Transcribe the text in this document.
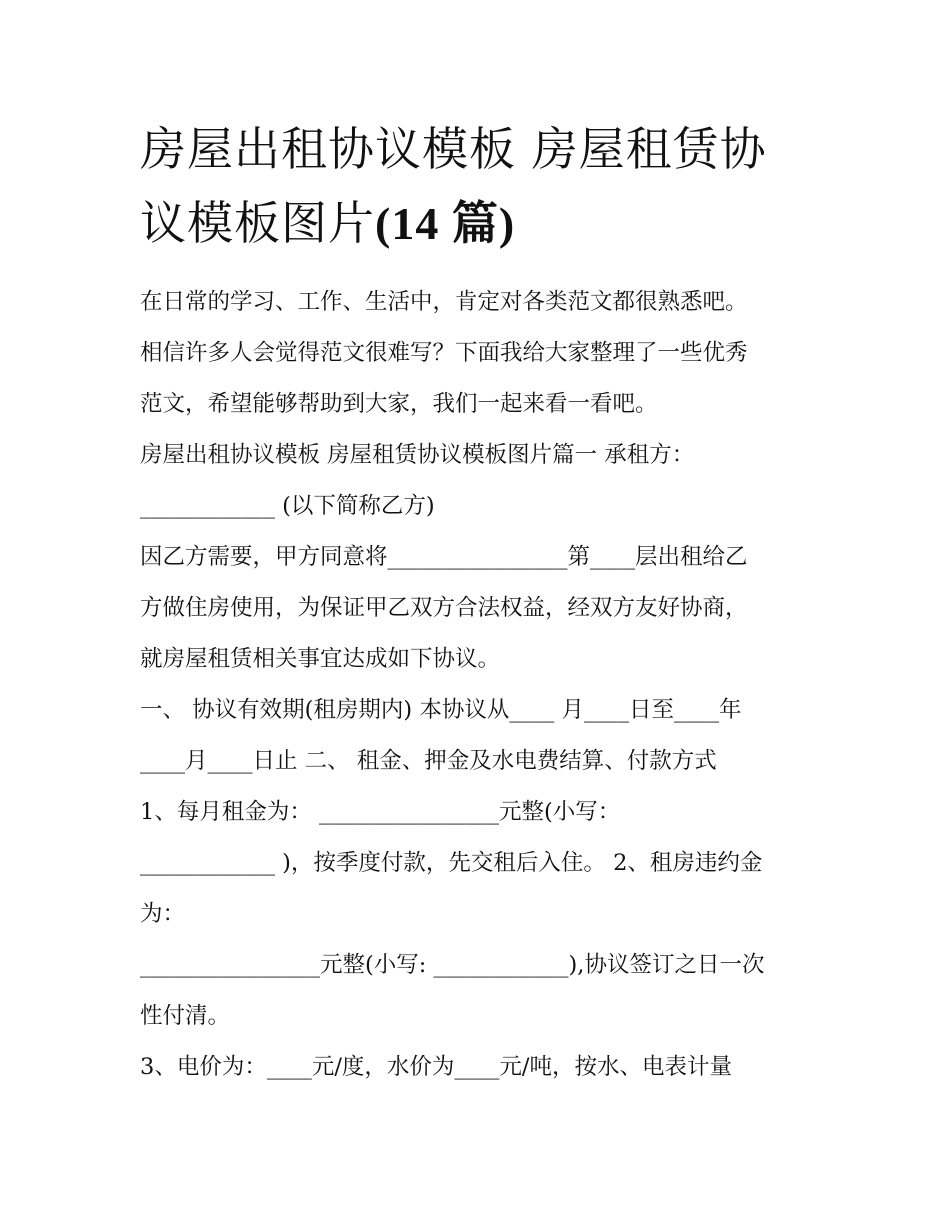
房屋出租协议模板 房屋租赁协
议模板图片(14 篇)
在日常的学习、工作、生活中，肯定对各类范文都很熟悉吧。
相信许多人会觉得范文很难写？下面我给大家整理了一些优秀
范文，希望能够帮助到大家，我们一起来看一看吧。
房屋出租协议模板 房屋租赁协议模板图片篇一 承租方：
____________ (以下简称乙方)
因乙方需要，甲方同意将________________第____层出租给乙
方做住房使用，为保证甲乙双方合法权益，经双方友好协商，
就房屋租赁相关事宜达成如下协议。
一、 协议有效期(租房期内) 本协议从____ 月____日至____年
____月____日止 二、 租金、押金及水电费结算、付款方式
1、每月租金为： ________________元整(小写：
____________ )，按季度付款，先交租后入住。 2、租房违约金
为：
________________元整(小写: ____________),协议签订之日一次
性付清。
3、电价为：____元/度，水价为____元/吨，按水、电表计量
